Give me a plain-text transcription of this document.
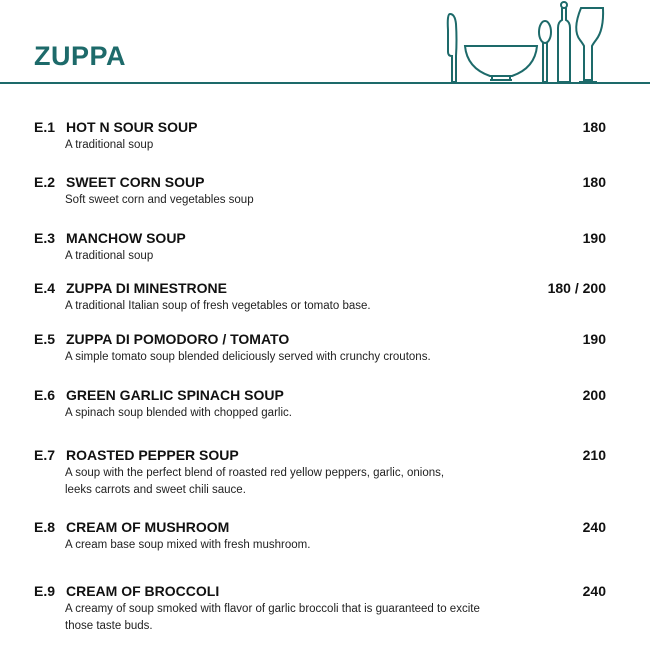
ZUPPA
E.1 HOT N SOUR SOUP	180
A traditional soup
E.2 SWEET CORN SOUP	180
Soft sweet corn and vegetables soup
E.3 MANCHOW SOUP	190
A traditional soup
E.4 ZUPPA DI MINESTRONE	180 / 200
A traditional Italian soup of fresh vegetables or tomato base.
E.5 ZUPPA DI POMODORO / TOMATO	190
A simple tomato soup blended deliciously served with crunchy croutons.
E.6 GREEN GARLIC SPINACH SOUP	200
A spinach soup blended with chopped garlic.
E.7 ROASTED PEPPER SOUP	210
A soup with the perfect blend of roasted red yellow peppers, garlic, onions, leeks carrots and sweet chili sauce.
E.8 CREAM OF MUSHROOM	240
A cream base soup mixed with fresh mushroom.
E.9 CREAM OF BROCCOLI	240
A creamy of soup smoked with flavor of garlic broccoli that is guaranteed to excite those taste buds.
